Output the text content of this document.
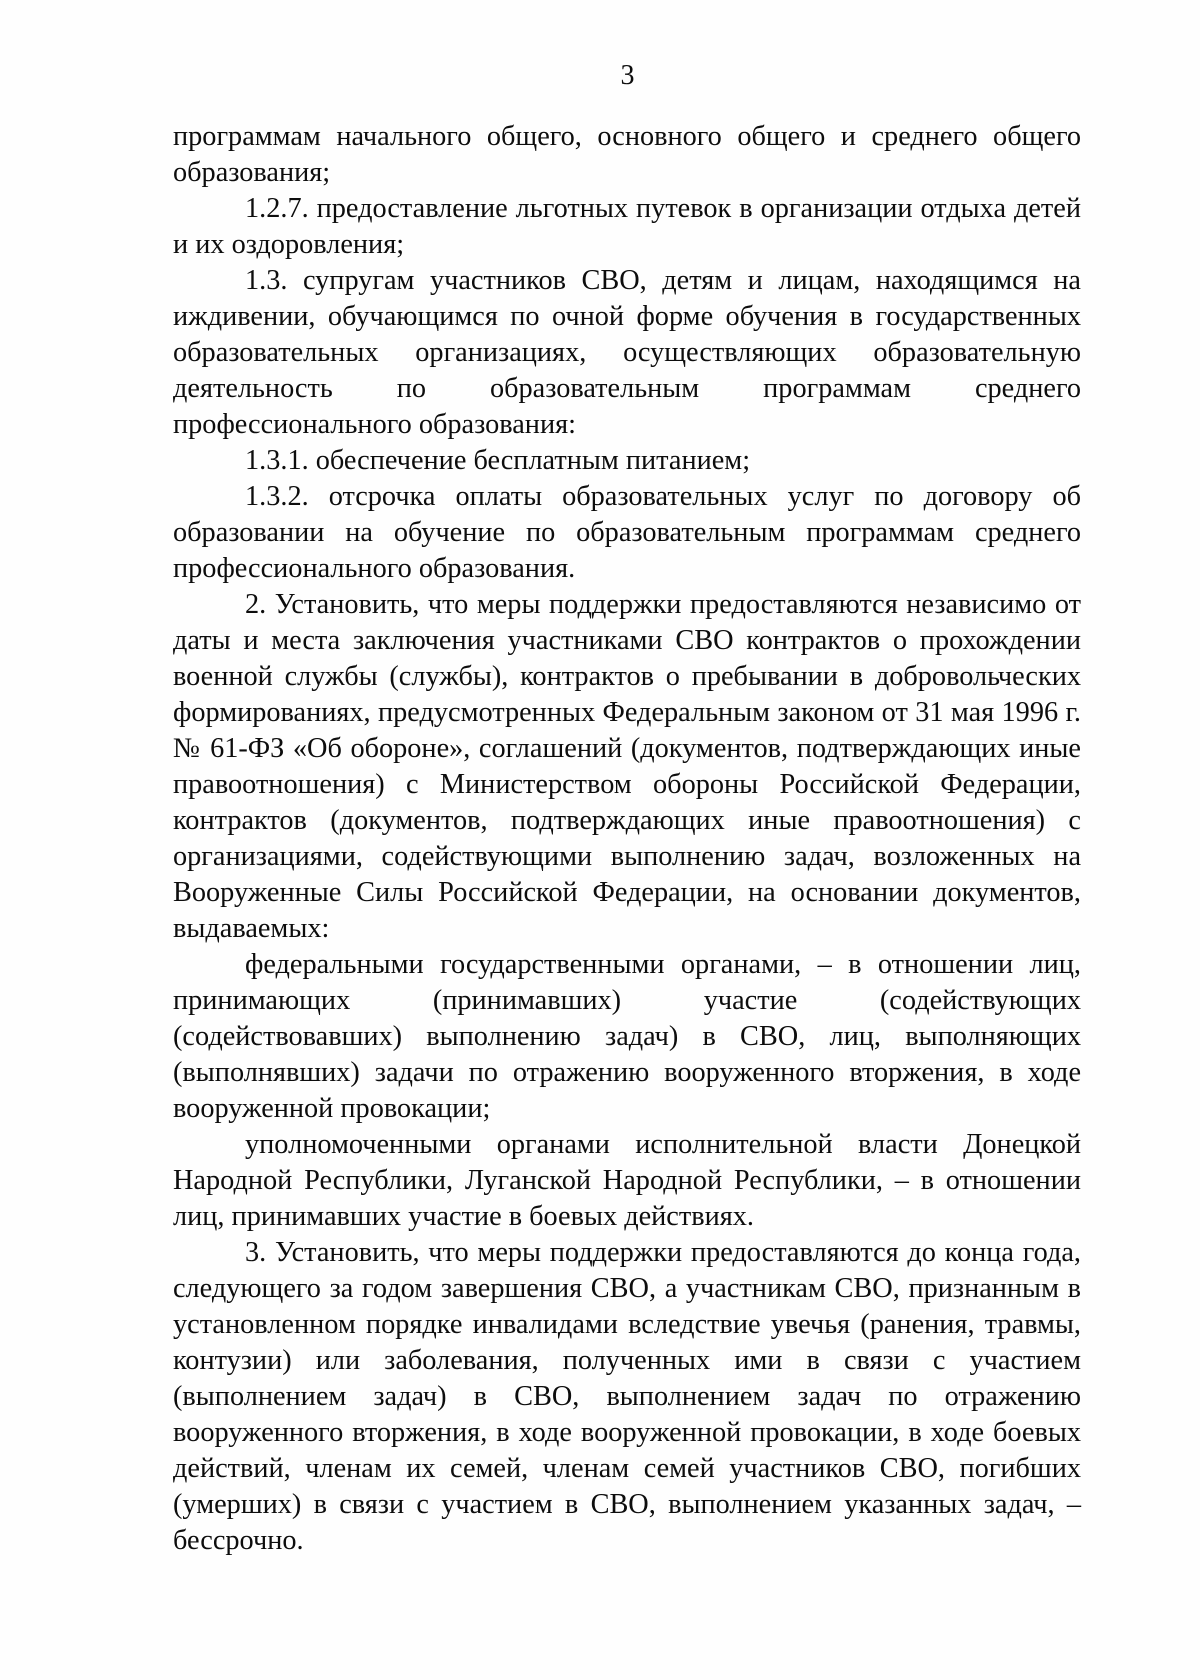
3

программам начального общего, основного общего и среднего общего образования;

1.2.7. предоставление льготных путевок в организации отдыха детей и их оздоровления;

1.3. супругам участников СВО, детям и лицам, находящимся на иждивении, обучающимся по очной форме обучения в государственных образовательных организациях, осуществляющих образовательную деятельность по образовательным программам среднего профессионального образования:

1.3.1. обеспечение бесплатным питанием;

1.3.2. отсрочка оплаты образовательных услуг по договору об образовании на обучение по образовательным программам среднего профессионального образования.

2. Установить, что меры поддержки предоставляются независимо от даты и места заключения участниками СВО контрактов о прохождении военной службы (службы), контрактов о пребывании в добровольческих формированиях, предусмотренных Федеральным законом от 31 мая 1996 г. № 61-ФЗ «Об обороне», соглашений (документов, подтверждающих иные правоотношения) с Министерством обороны Российской Федерации, контрактов (документов, подтверждающих иные правоотношения) с организациями, содействующими выполнению задач, возложенных на Вооруженные Силы Российской Федерации, на основании документов, выдаваемых:

федеральными государственными органами, – в отношении лиц, принимающих (принимавших) участие (содействующих (содействовавших) выполнению задач) в СВО, лиц, выполняющих (выполнявших) задачи по отражению вооруженного вторжения, в ходе вооруженной провокации;

уполномоченными органами исполнительной власти Донецкой Народной Республики, Луганской Народной Республики, – в отношении лиц, принимавших участие в боевых действиях.

3. Установить, что меры поддержки предоставляются до конца года, следующего за годом завершения СВО, а участникам СВО, признанным в установленном порядке инвалидами вследствие увечья (ранения, травмы, контузии) или заболевания, полученных ими в связи с участием (выполнением задач) в СВО, выполнением задач по отражению вооруженного вторжения, в ходе вооруженной провокации, в ходе боевых действий, членам их семей, членам семей участников СВО, погибших (умерших) в связи с участием в СВО, выполнением указанных задач, – бессрочно.
